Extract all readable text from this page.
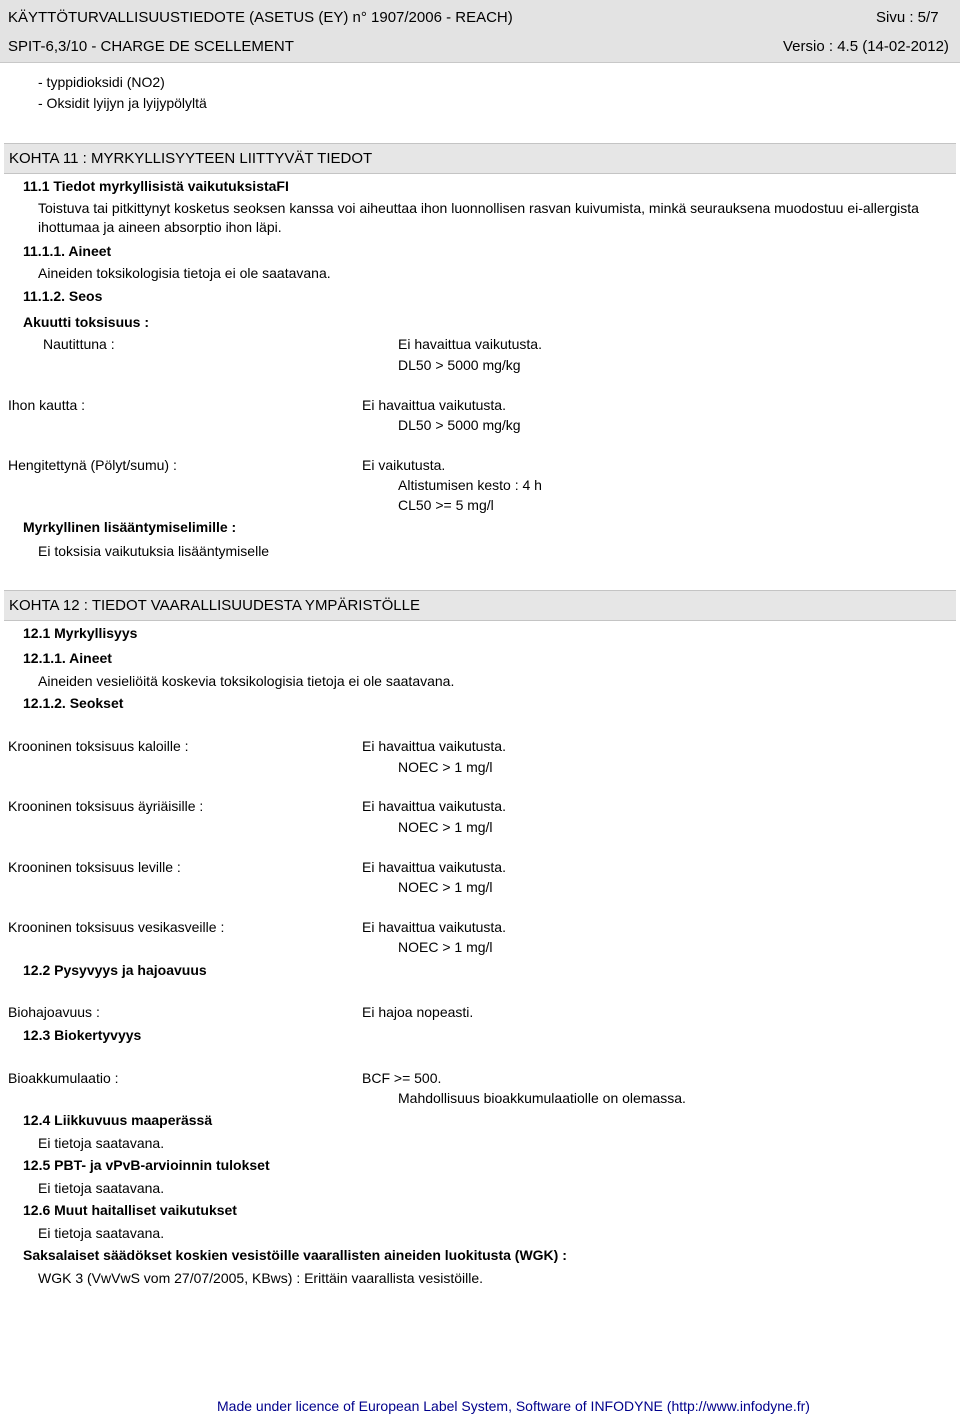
KÄYTTÖTURVALLISUUSTIEDOTE (ASETUS (EY) n° 1907/2006 - REACH)	Sivu : 5/7
SPIT-6,3/10 - CHARGE DE SCELLEMENT	Versio : 4.5 (14-02-2012)
- typpidioksidi (NO2)
- Oksidit lyijyn ja lyijypölyltä
KOHTA 11 : MYRKYLLISYYTEEN LIITTYVÄT TIEDOT
11.1 Tiedot myrkyllisistä vaikutuksistaFI

Toistuva tai pitkittynyt kosketus seoksen kanssa voi aiheuttaa ihon luonnollisen rasvan kuivumista, minkä seurauksena muodostuu ei-allergista ihottumaa ja aineen absorptio ihon läpi.

11.1.1. Aineet
Aineiden toksikologisia tietoja ei ole saatavana.
11.1.2. Seos
Akuutti toksisuus :
Nautittuna :	Ei havaittua vaikutusta.
DL50 > 5000 mg/kg
Ihon kautta :	Ei havaittua vaikutusta.
DL50 > 5000 mg/kg
Hengitettynä (Pölyt/sumu) :	Ei vaikutusta.
Altistumisen kesto : 4 h
CL50 >= 5 mg/l
Myrkyllinen lisääntymiselimille :
Ei toksisia vaikutuksia lisääntymiselle
KOHTA 12 : TIEDOT VAARALLISUUDESTA YMPÄRISTÖLLE
12.1 Myrkyllisyys
12.1.1. Aineet
Aineiden vesieliöitä koskevia toksikologisia tietoja ei ole saatavana.
12.1.2. Seokset
Krooninen toksisuus kaloille :	Ei havaittua vaikutusta.
NOEC > 1 mg/l
Krooninen toksisuus äyriäisille :	Ei havaittua vaikutusta.
NOEC > 1 mg/l
Krooninen toksisuus leville :	Ei havaittua vaikutusta.
NOEC > 1 mg/l
Krooninen toksisuus vesikasveille :	Ei havaittua vaikutusta.
NOEC > 1 mg/l
12.2 Pysyvyys ja hajoavuus
Biohajoavuus :	Ei hajoa nopeasti.
12.3 Biokertyvyys
Bioakkumulaatio :	BCF >= 500.
Mahdollisuus bioakkumulaatiolle on olemassa.
12.4 Liikkuvuus maaperässä
Ei tietoja saatavana.
12.5 PBT- ja vPvB-arvioinnin tulokset
Ei tietoja saatavana.
12.6 Muut haitalliset vaikutukset
Ei tietoja saatavana.
Saksalaiset säädökset koskien vesistöille vaarallisten aineiden luokitusta (WGK) :
WGK 3 (VwVwS vom 27/07/2005, KBws) : Erittäin vaarallista vesistöille.
Made under licence of European Label System, Software of INFODYNE (http://www.infodyne.fr)
